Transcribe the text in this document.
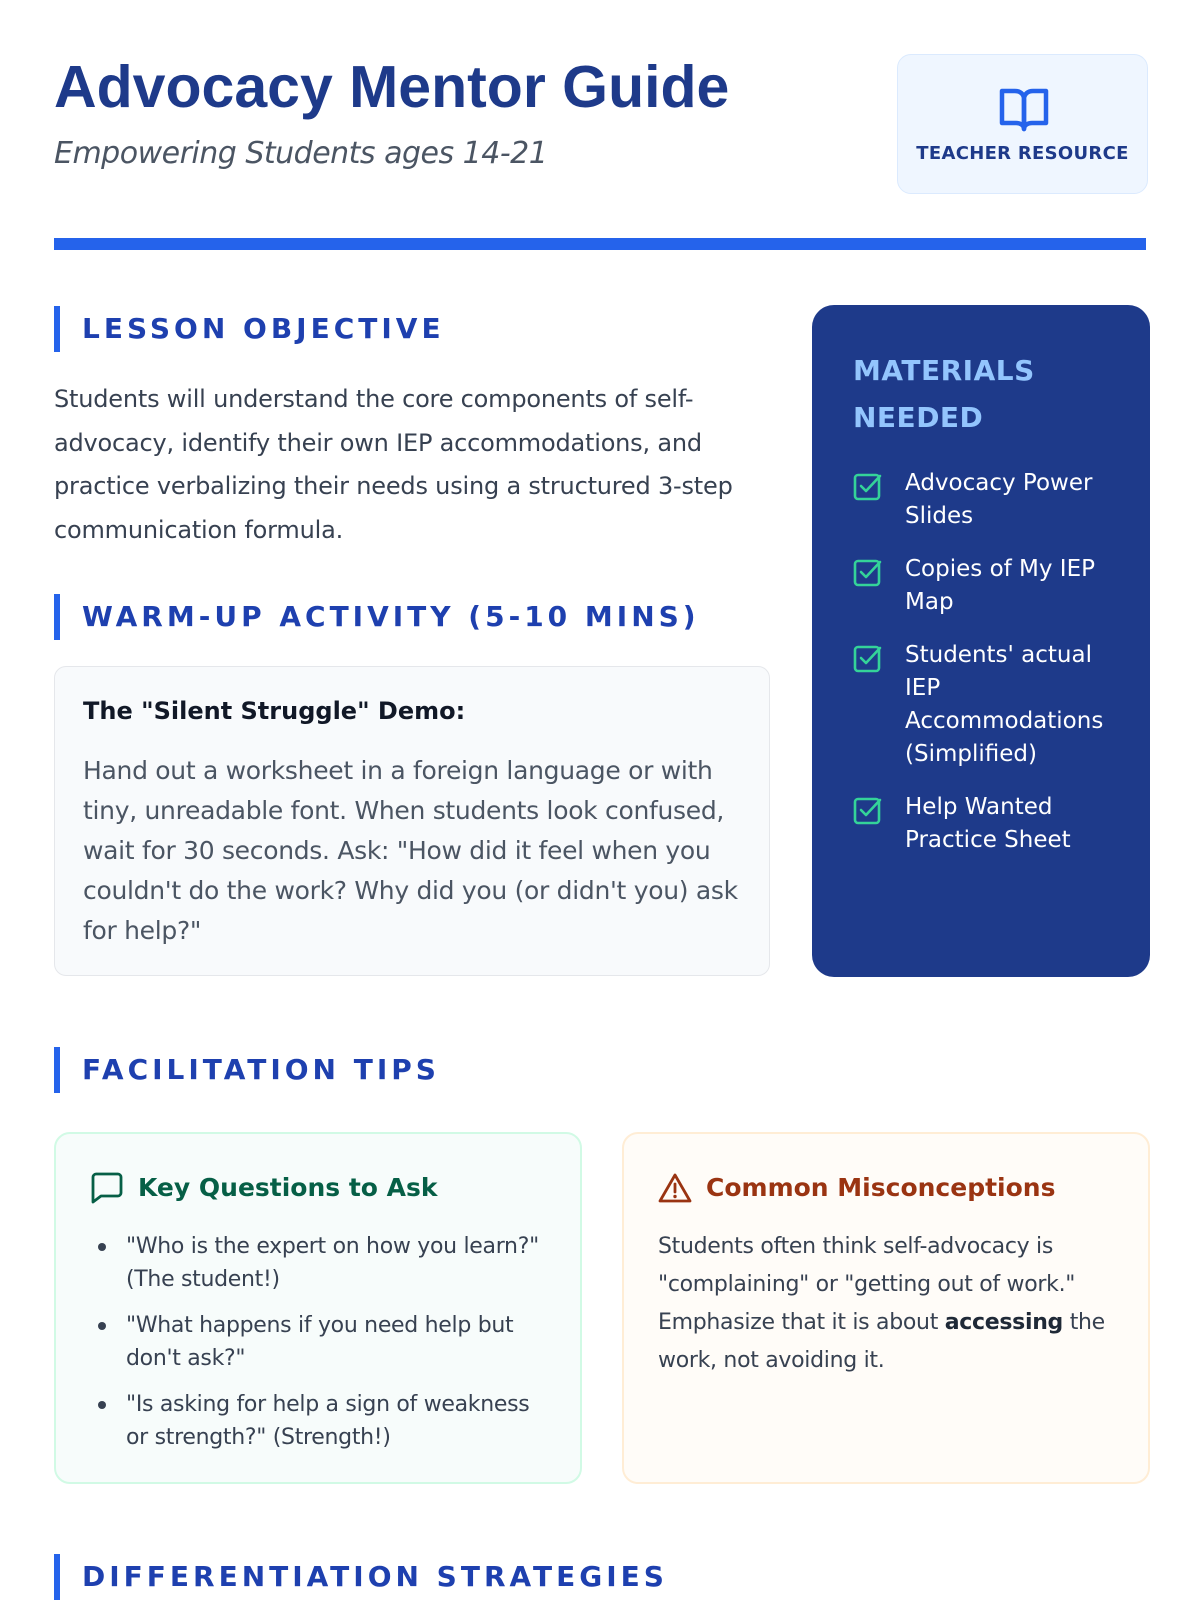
Advocacy Mentor Guide
Empowering Students ages 14-21	TEACHER RESOURCE
LESSON OBJECTIVE
Students will understand the core components of self-advocacy, identify their own IEP accommodations, and practice verbalizing their needs using a structured 3-step communication formula.
WARM-UP ACTIVITY (5-10 MINS)
The "Silent Struggle" Demo:
Hand out a worksheet in a foreign language or with tiny, unreadable font. When students look confused, wait for 30 seconds. Ask: "How did it feel when you couldn't do the work? Why did you (or didn't you) ask for help?"
MATERIALS NEEDED
Advocacy Power Slides
Copies of My IEP Map
Students' actual IEP Accommodations (Simplified)
Help Wanted Practice Sheet
FACILITATION TIPS
Key Questions to Ask
"Who is the expert on how you learn?" (The student!)
"What happens if you need help but don't ask?"
"Is asking for help a sign of weakness or strength?" (Strength!)
Common Misconceptions
Students often think self-advocacy is "complaining" or "getting out of work." Emphasize that it is about accessing the work, not avoiding it.
DIFFERENTIATION STRATEGIES
